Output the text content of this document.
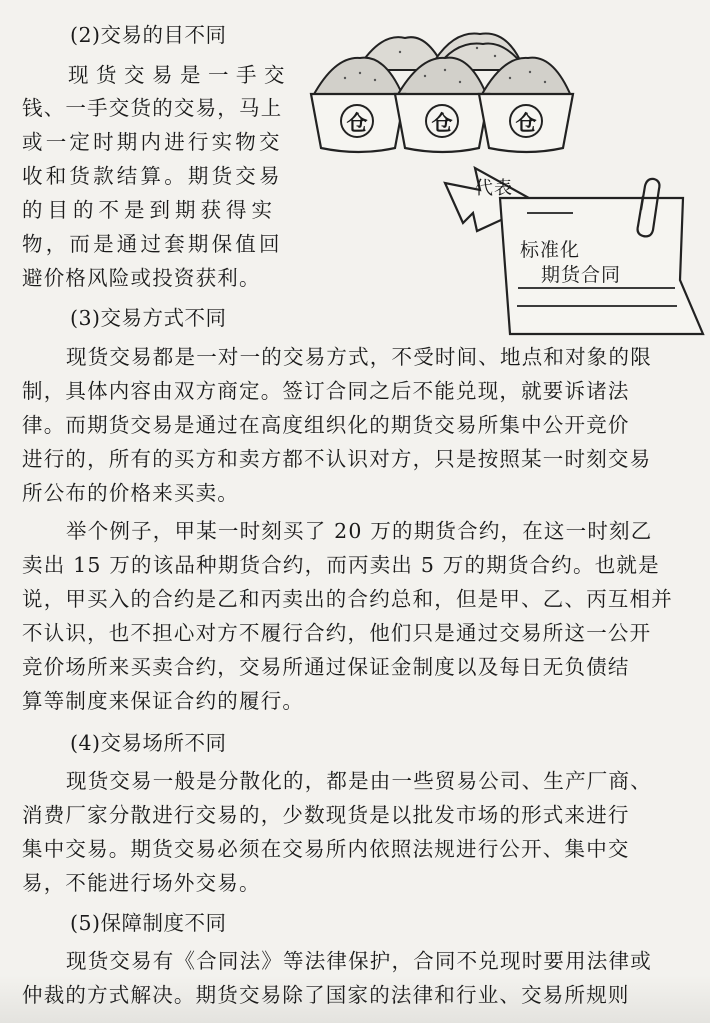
仓	仓	仓
代表
标准化
期货合同
(2)交易的目不同
现货交易是一手交
钱、一手交货的交易，马上
或一定时期内进行实物交
收和货款结算。期货交易
的目的不是到期获得实
物，而是通过套期保值回
避价格风险或投资获利。
(3)交易方式不同
现货交易都是一对一的交易方式，不受时间、地点和对象的限
制，具体内容由双方商定。签订合同之后不能兑现，就要诉诸法
律。而期货交易是通过在高度组织化的期货交易所集中公开竞价
进行的，所有的买方和卖方都不认识对方，只是按照某一时刻交易
所公布的价格来买卖。
举个例子，甲某一时刻买了 20 万的期货合约，在这一时刻乙
卖出 15 万的该品种期货合约，而丙卖出 5 万的期货合约。也就是
说，甲买入的合约是乙和丙卖出的合约总和，但是甲、乙、丙互相并
不认识，也不担心对方不履行合约，他们只是通过交易所这一公开
竞价场所来买卖合约，交易所通过保证金制度以及每日无负债结
算等制度来保证合约的履行。
(4)交易场所不同
现货交易一般是分散化的，都是由一些贸易公司、生产厂商、
消费厂家分散进行交易的，少数现货是以批发市场的形式来进行
集中交易。期货交易必须在交易所内依照法规进行公开、集中交
易，不能进行场外交易。
(5)保障制度不同
现货交易有《合同法》等法律保护，合同不兑现时要用法律或
仲裁的方式解决。期货交易除了国家的法律和行业、交易所规则
